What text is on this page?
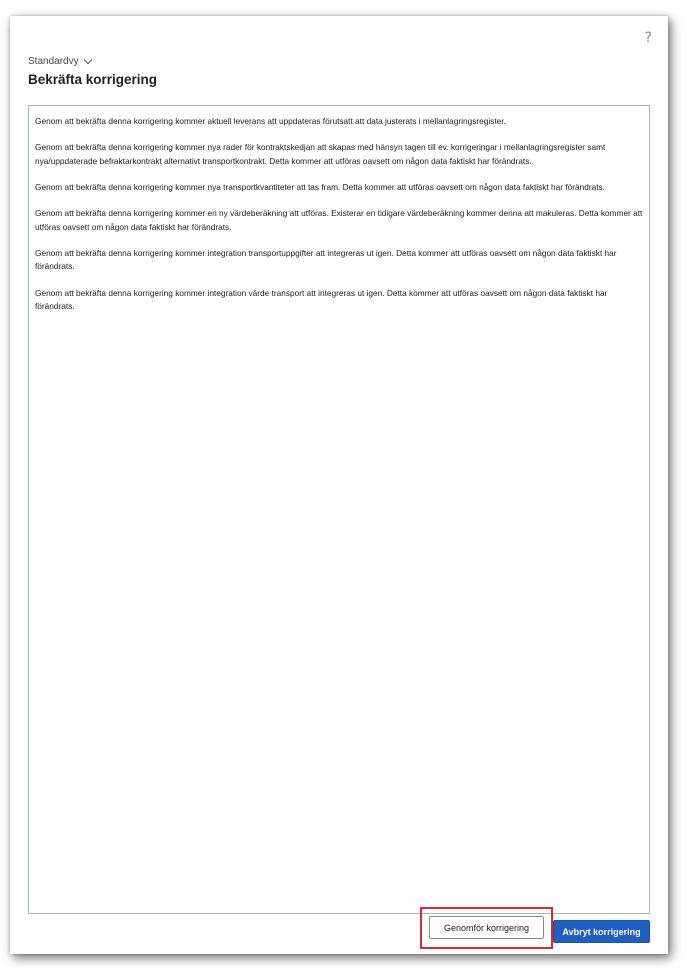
?
Standardvy
Bekräfta korrigering

Genom att bekräfta denna korrigering kommer aktuell leverans att uppdateras förutsatt att data justerats i mellanlagringsregister.

Genom att bekräfta denna korrigering kommer nya rader för kontraktskedjan att skapas med hänsyn tagen till ev. korrigeringar i mellanlagringsregister samt nya/uppdaterade befraktarkontrakt alternativt transportkontrakt. Detta kommer att utföras oavsett om någon data faktiskt har förändrats.

Genom att bekräfta denna korrigering kommer nya transportkvantiteter att tas fram. Detta kommer att utföras oavsett om någon data faktiskt har förändrats.

Genom att bekräfta denna korrigering kommer en ny värdeberäkning att utföras. Existerar en tidigare värdeberäkning kommer denna att makuleras. Detta kommer att utföras oavsett om någon data faktiskt har förändrats.

Genom att bekräfta denna korrigering kommer integration transportuppgifter att integreras ut igen. Detta kommer att utföras oavsett om någon data faktiskt har förändrats.

Genom att bekräfta denna korrigering kommer integration värde transport att integreras ut igen. Detta kommer att utföras oavsett om någon data faktiskt har förändrats.

Genomför korrigering	Avbryt korrigering
